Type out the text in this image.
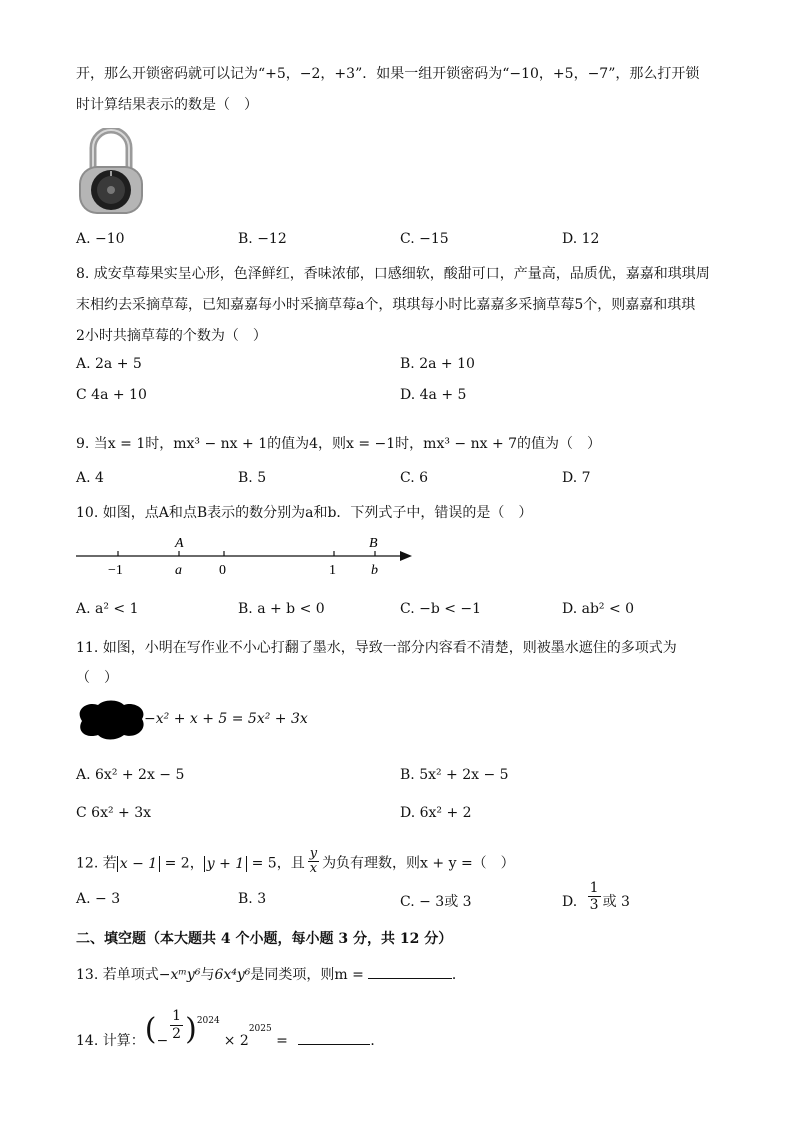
开，那么开锁密码就可以记为“+5，−2，+3”．如果一组开锁密码为“−10，+5，−7”，那么打开锁
时计算结果表示的数是（　）
A. −10	B. −12	C. −15	D. 12
8. 成安草莓果实呈心形，色泽鲜红，香味浓郁，口感细软，酸甜可口，产量高，品质优，嘉嘉和琪琪周
末相约去采摘草莓，已知嘉嘉每小时采摘草莓a个，琪琪每小时比嘉嘉多采摘草莓5个，则嘉嘉和琪琪
2小时共摘草莓的个数为（　）
A. 2a + 5	B. 2a + 10
C 4a + 10	D. 4a + 5
9. 当x = 1时，mx³ − nx + 1的值为4，则x = −1时，mx³ − nx + 7的值为（　）
A. 4	B. 5	C. 6	D. 7
10. 如图，点A和点B表示的数分别为a和b．下列式子中，错误的是（　）
A	B
−1	a	0	1	b
A. a² < 1	B. a + b < 0	C. −b < −1	D. ab² < 0
11. 如图，小明在写作业不小心打翻了墨水，导致一部分内容看不清楚，则被墨水遮住的多项式为
（　）
−x² + x + 5 = 5x² + 3x
A. 6x² + 2x − 5	B. 5x² + 2x − 5
C 6x² + 3x	D. 6x² + 2
12. 若 x − 1 = 2， y + 1 = 5，且 $\frac{y}{x}$ 为负有理数，则x + y =（　）
A. − 3	B. 3	C. − 3或 3	D. $\frac{1}{3}$ 或 3
二、填空题（本大题共 4 个小题，每小题 3 分，共 12 分）
13. 若单项式−xᵐy⁶与6x⁴y⁶是同类项，则m =	．
14. 计算：(− $\frac{1}{2} )^{2024}\times 2^{2025}$ =	．
